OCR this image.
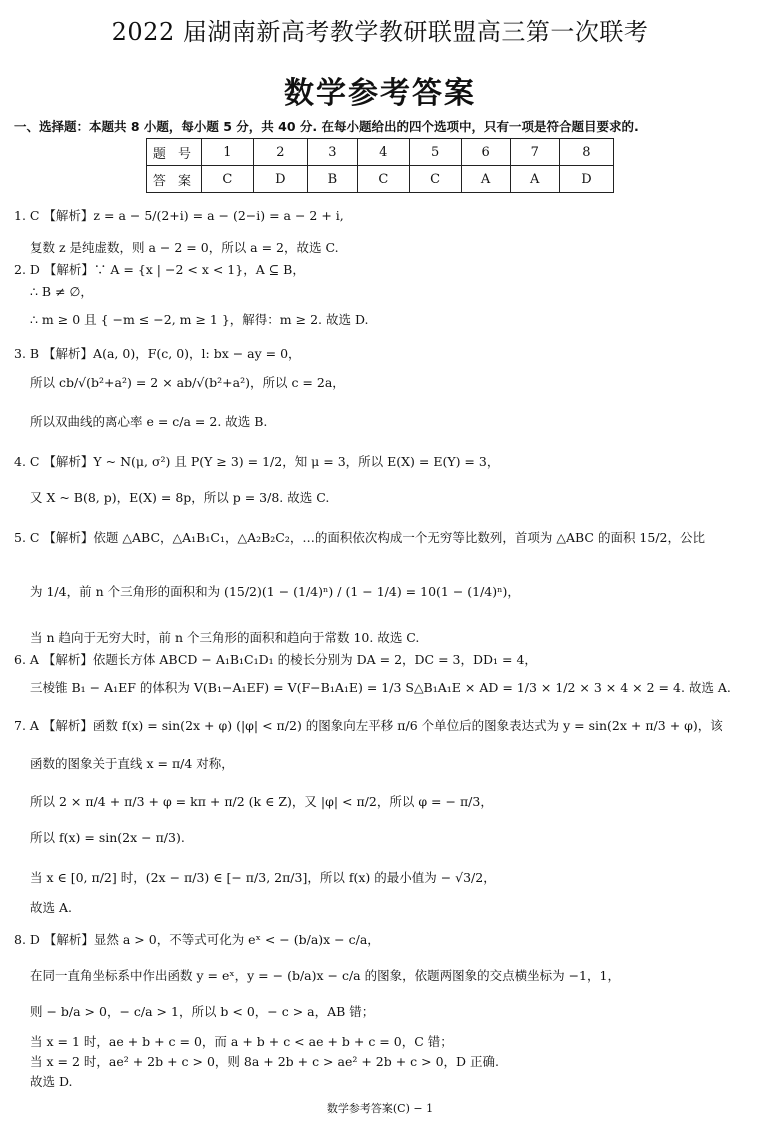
2022 届湖南新高考教学教研联盟高三第一次联考
数学参考答案
一、选择题：本题共 8 小题，每小题 5 分，共 40 分. 在每小题给出的四个选项中，只有一项是符合题目要求的.
题 号	1	2	3	4	5	6	7	8
答 案	C	D	B	C	C	A	A	D
1. C 【解析】z = a − 5/(2+i) = a − (2−i) = a − 2 + i,
复数 z 是纯虚数，则 a − 2 = 0，所以 a = 2，故选 C.
2. D 【解析】∵ A = {x | −2 < x < 1}，A ⊆ B，
∴ B ≠ ∅，
∴ m ≥ 0 且 { −m ≤ −2, m ≥ 1 }，解得：m ≥ 2. 故选 D.
3. B 【解析】A(a, 0)，F(c, 0)，l: bx − ay = 0，
所以 cb/√(b²+a²) = 2 × ab/√(b²+a²)，所以 c = 2a，
所以双曲线的离心率 e = c/a = 2. 故选 B.
4. C 【解析】Y ~ N(μ, σ²) 且 P(Y ≥ 3) = 1/2，知 μ = 3，所以 E(X) = E(Y) = 3，
又 X ~ B(8, p)，E(X) = 8p，所以 p = 3/8. 故选 C.
5. C 【解析】依题 △ABC，△A₁B₁C₁，△A₂B₂C₂，…的面积依次构成一个无穷等比数列，首项为 △ABC 的面积 15/2，公比
为 1/4，前 n 个三角形的面积和为 (15/2)(1 − (1/4)ⁿ) / (1 − 1/4) = 10(1 − (1/4)ⁿ)，
当 n 趋向于无穷大时，前 n 个三角形的面积和趋向于常数 10. 故选 C.
6. A 【解析】依题长方体 ABCD − A₁B₁C₁D₁ 的棱长分别为 DA = 2，DC = 3，DD₁ = 4，
三棱锥 B₁ − A₁EF 的体积为 V(B₁−A₁EF) = V(F−B₁A₁E) = 1/3 S△B₁A₁E × AD = 1/3 × 1/2 × 3 × 4 × 2 = 4. 故选 A.
7. A 【解析】函数 f(x) = sin(2x + φ) (|φ| < π/2) 的图象向左平移 π/6 个单位后的图象表达式为 y = sin(2x + π/3 + φ)，该
函数的图象关于直线 x = π/4 对称，
所以 2 × π/4 + π/3 + φ = kπ + π/2 (k ∈ Z)，又 |φ| < π/2，所以 φ = − π/3，
所以 f(x) = sin(2x − π/3).
当 x ∈ [0, π/2] 时，(2x − π/3) ∈ [− π/3, 2π/3]，所以 f(x) 的最小值为 − √3/2，
故选 A.
8. D 【解析】显然 a > 0，不等式可化为 eˣ < − (b/a)x − c/a，
在同一直角坐标系中作出函数 y = eˣ，y = − (b/a)x − c/a 的图象，依题两图象的交点横坐标为 −1，1，
则 − b/a > 0，− c/a > 1，所以 b < 0，− c > a，AB 错；
当 x = 1 时，ae + b + c = 0，而 a + b + c < ae + b + c = 0，C 错；
当 x = 2 时，ae² + 2b + c > 0，则 8a + 2b + c > ae² + 2b + c > 0，D 正确.
故选 D.
数学参考答案(C) − 1
